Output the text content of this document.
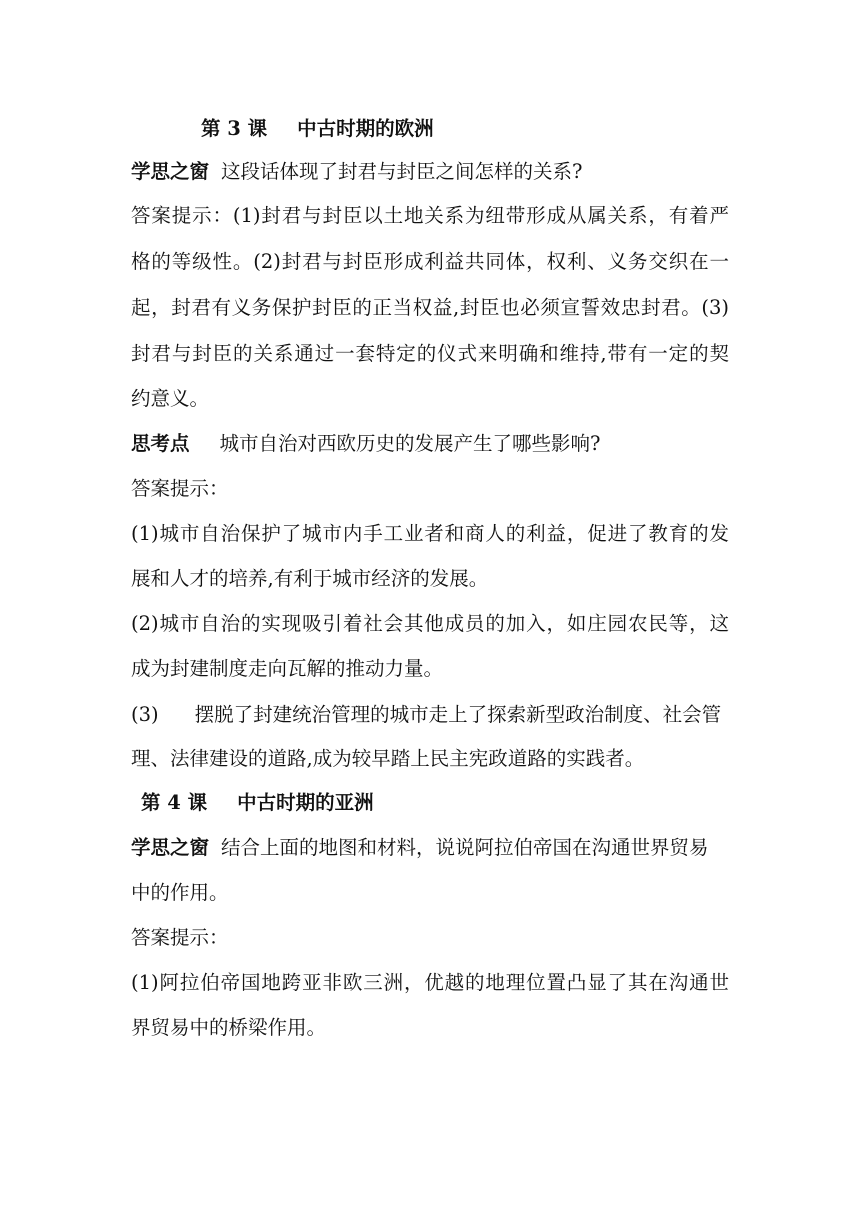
第 3 课 中古时期的欧洲
学思之窗 这段话体现了封君与封臣之间怎样的关系?
答案提示：(1)封君与封臣以土地关系为纽带形成从属关系，有着严
格的等级性。(2)封君与封臣形成利益共同体，权利、义务交织在一
起，封君有义务保护封臣的正当权益,封臣也必须宣誓效忠封君。(3)
封君与封臣的关系通过一套特定的仪式来明确和维持,带有一定的契
约意义。
思考点 城市自治对西欧历史的发展产生了哪些影响?
答案提示：
(1)城市自治保护了城市内手工业者和商人的利益，促进了教育的发
展和人才的培养,有利于城市经济的发展。
(2)城市自治的实现吸引着社会其他成员的加入，如庄园农民等，这
成为封建制度走向瓦解的推动力量。
(3) 摆脱了封建统治管理的城市走上了探索新型政治制度、社会管
理、法律建设的道路,成为较早踏上民主宪政道路的实践者。
第 4 课 中古时期的亚洲
学思之窗 结合上面的地图和材料，说说阿拉伯帝国在沟通世界贸易
中的作用。
答案提示：
(1)阿拉伯帝国地跨亚非欧三洲，优越的地理位置凸显了其在沟通世
界贸易中的桥梁作用。
